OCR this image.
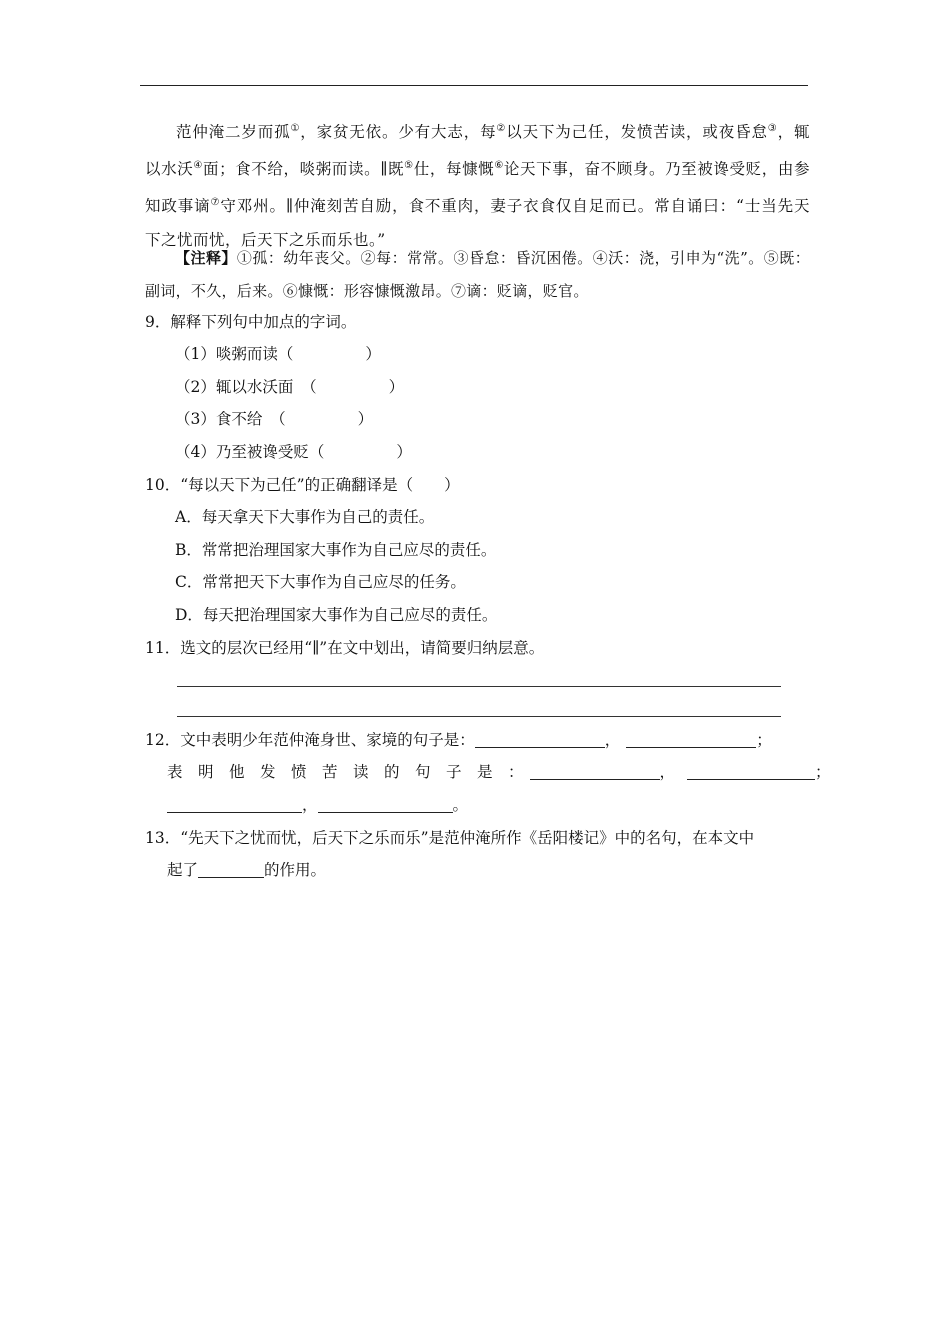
范仲淹二岁而孤①，家贫无依。少有大志，每②以天下为己任，发愤苦读，或夜昏怠③，辄以水沃④面；食不给，啖粥而读。∥既⑤仕，每慷慨⑥论天下事，奋不顾身。乃至被谗受贬，由参知政事谪⑦守邓州。∥仲淹刻苦自励，食不重肉，妻子衣食仅自足而已。常自诵曰：“士当先天下之忧而忧，后天下之乐而乐也。”
【注释】①孤：幼年丧父。②每：常常。③昏怠：昏沉困倦。④沃：浇，引申为“洗”。⑤既：副词，不久，后来。⑥慷慨：形容慷慨激昂。⑦谪：贬谪，贬官。
9．解释下列句中加点的字词。
（1）啖粥而读（	）
（2）辄以水沃面　（	）
（3）食不给　（	）
（4）乃至被谗受贬（	）
10．“每以天下为己任”的正确翻译是（　　）
A．每天拿天下大事作为自己的责任。
B．常常把治理国家大事作为自己应尽的责任。
C．常常把天下大事作为自己应尽的任务。
D．每天把治理国家大事作为自己应尽的责任。
11．选文的层次已经用“∥”在文中划出，请简要归纳层意。
12．文中表明少年范仲淹身世、家境的句子是：	，	；
表　明　他　发　愤　苦　读　的　句　子　是　：	，	；
，	。
13．“先天下之忧而忧，后天下之乐而乐”是范仲淹所作《岳阳楼记》中的名句，在本文中
起了	的作用。
